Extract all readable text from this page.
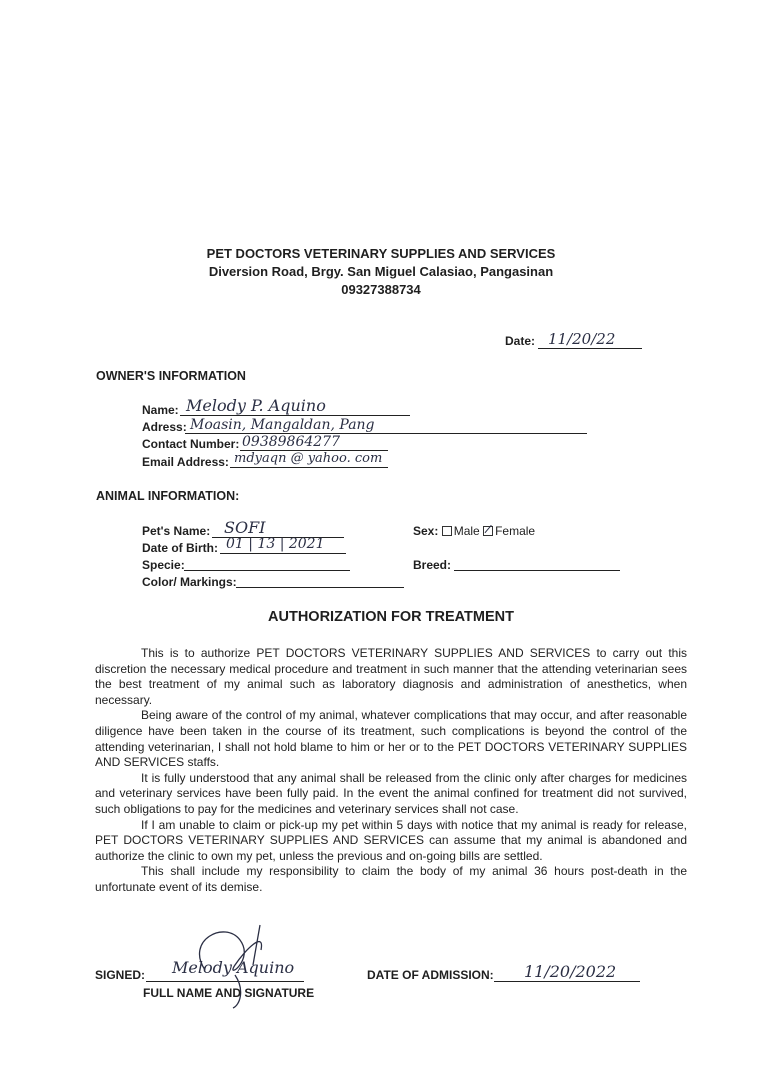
PET DOCTORS VETERINARY SUPPLIES AND SERVICES
Diversion Road, Brgy. San Miguel Calasiao, Pangasinan
09327388734
Date: 11/20/22
OWNER'S INFORMATION
Name: Melody P. Aquino
Adress: Moasin, Mangaldan, Pang
Contact Number: 09389864277
Email Address: mdyaqn @ yahoo. com
ANIMAL INFORMATION:
Pet's Name: SOFI
Date of Birth: 01 | 13 | 2021
Specie:
Color/ Markings:
Sex: Male Female
Breed:
AUTHORIZATION FOR TREATMENT

This is to authorize PET DOCTORS VETERINARY SUPPLIES AND SERVICES to carry out this discretion the necessary medical procedure and treatment in such manner that the attending veterinarian sees the best treatment of my animal such as laboratory diagnosis and administration of anesthetics, when necessary.

Being aware of the control of my animal, whatever complications that may occur, and after reasonable diligence have been taken in the course of its treatment, such complications is beyond the control of the attending veterinarian, I shall not hold blame to him or her or to the PET DOCTORS VETERINARY SUPPLIES AND SERVICES staffs.

It is fully understood that any animal shall be released from the clinic only after charges for medicines and veterinary services have been fully paid. In the event the animal confined for treatment did not survived, such obligations to pay for the medicines and veterinary services shall not case.

If I am unable to claim or pick-up my pet within 5 days with notice that my animal is ready for release, PET DOCTORS VETERINARY SUPPLIES AND SERVICES can assume that my animal is abandoned and authorize the clinic to own my pet, unless the previous and on-going bills are settled.

This shall include my responsibility to claim the body of my animal 36 hours post-death in the unfortunate event of its demise.

SIGNED: Melody Aquino
FULL NAME AND SIGNATURE
DATE OF ADMISSION: 11/20/2022
